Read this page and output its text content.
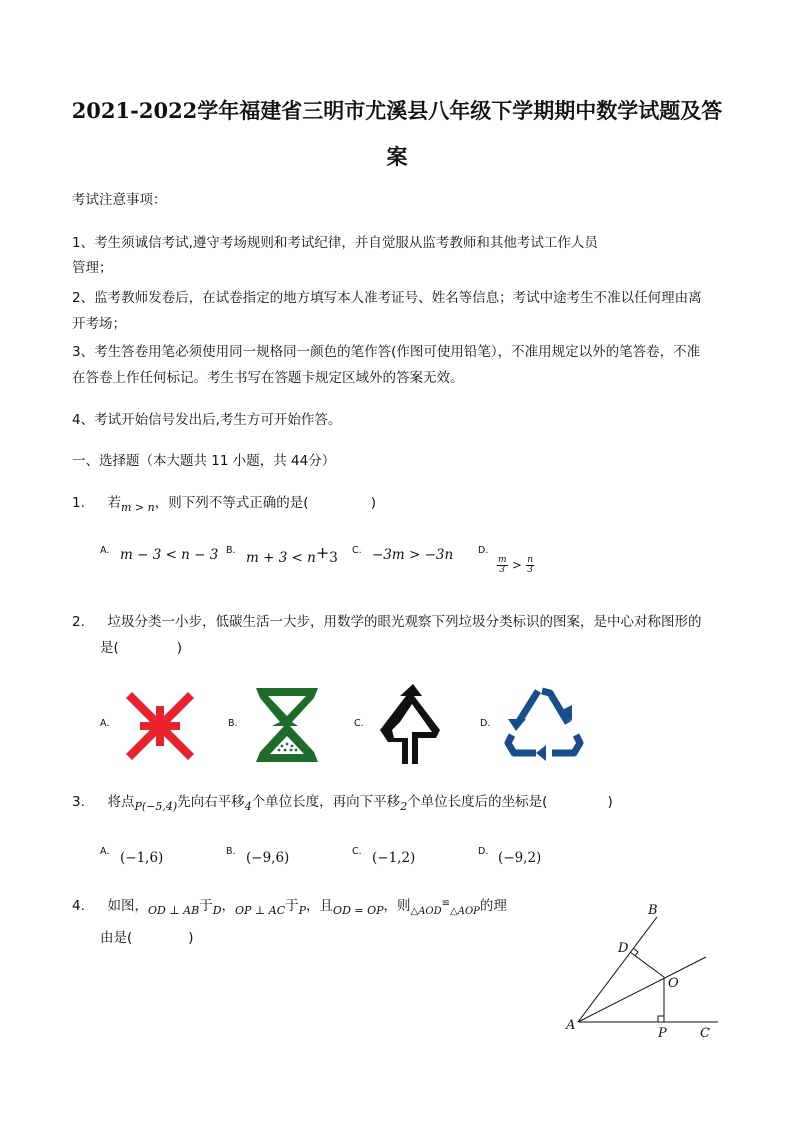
2021-2022学年福建省三明市尤溪县八年级下学期期中数学试题及答
案
考试注意事项：
1、考生须诚信考试,遵守考场规则和考试纪律，并自觉服从监考教师和其他考试工作人员
管理；
2、监考教师发卷后，在试卷指定的地方填写本人准考证号、姓名等信息；考试中途考生不准以任何理由离
开考场；
3、考生答卷用笔必须使用同一规格同一颜色的笔作答(作图可使用铅笔），不准用规定以外的笔答卷，不准
在答卷上作任何标记。考生书写在答题卡规定区域外的答案无效。
4、考试开始信号发出后,考生方可开始作答。
一、选择题（本大题共 11 小题，共 44分）
1. 若$_{m > n}$，则下列不等式正确的是(	)
A. m − 3 < n − 3 B. m + 3 < n+3 C. −3m > −3n	D.
$\frac{m}{3} > \frac{n}{3}$
2. 垃圾分类一小步，低碳生活一大步，用数学的眼光观察下列垃圾分类标识的图案，是中心对称图形的
是(	)
A.	B.	C.	D.
3. 将点$_{P(-5,4)}$先向右平移$_4$个单位长度，再向下平移$_2$个单位长度后的坐标是(	)
A. (−1,6)	B. (−9,6)	C. (−1,2)	D. (−9,2)
4. 如图，$_{OD \perp AB}$于$_D$，$_{OP \perp AC}$于$_P$，且$_{OD = OP}$，则$_{\triangle AOD}$≌$_{\triangle AOP}$的理
由是(	)
B
D
O
A
P	C
